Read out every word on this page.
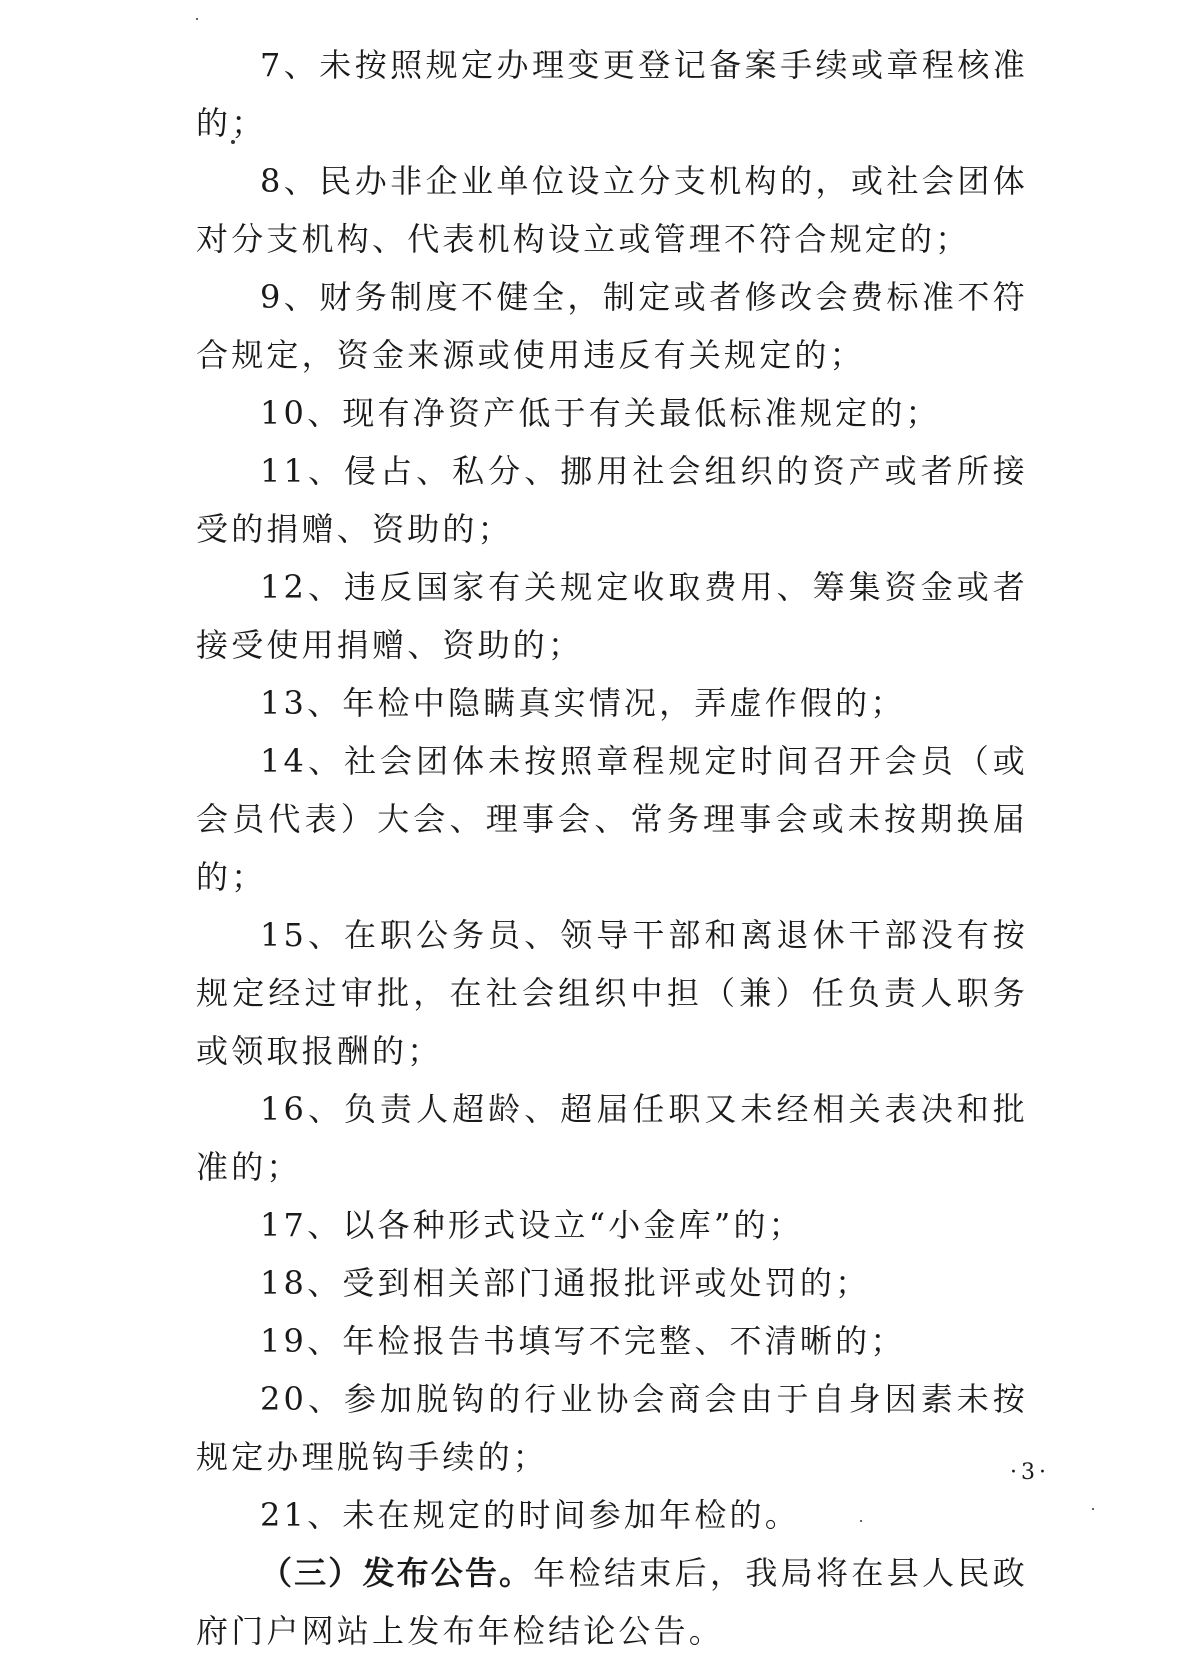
7、未按照规定办理变更登记备案手续或章程核准的；

8、民办非企业单位设立分支机构的，或社会团体对分支机构、代表机构设立或管理不符合规定的；

9、财务制度不健全，制定或者修改会费标准不符合规定，资金来源或使用违反有关规定的；

10、现有净资产低于有关最低标准规定的；

11、侵占、私分、挪用社会组织的资产或者所接受的捐赠、资助的；

12、违反国家有关规定收取费用、筹集资金或者接受使用捐赠、资助的；

13、年检中隐瞒真实情况，弄虚作假的；

14、社会团体未按照章程规定时间召开会员（或会员代表）大会、理事会、常务理事会或未按期换届的；

15、在职公务员、领导干部和离退休干部没有按规定经过审批，在社会组织中担（兼）任负责人职务或领取报酬的；

16、负责人超龄、超届任职又未经相关表决和批准的；

17、以各种形式设立“小金库”的；

18、受到相关部门通报批评或处罚的；

19、年检报告书填写不完整、不清晰的；

20、参加脱钩的行业协会商会由于自身因素未按规定办理脱钩手续的；

21、未在规定的时间参加年检的。

（三）发布公告。年检结束后，我局将在县人民政府门户网站上发布年检结论公告。

·3·
